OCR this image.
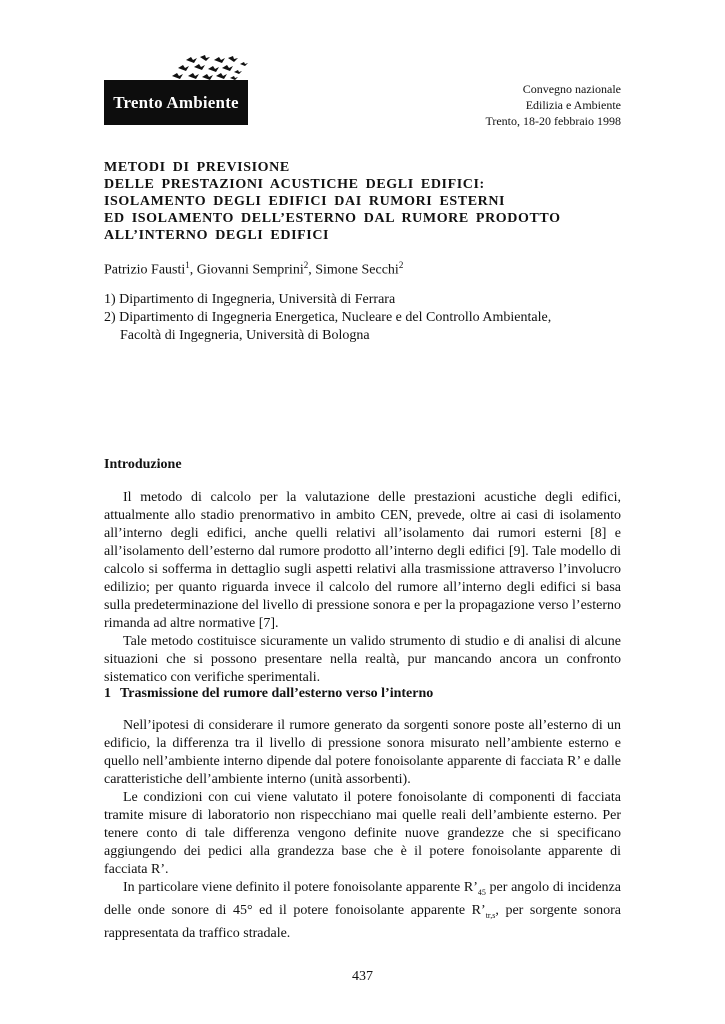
Trento Ambiente
Convegno nazionale
Edilizia e Ambiente
Trento, 18-20 febbraio 1998
METODI DI PREVISIONE
DELLE PRESTAZIONI ACUSTICHE DEGLI EDIFICI:
ISOLAMENTO DEGLI EDIFICI DAI RUMORI ESTERNI
ED ISOLAMENTO DELL’ESTERNO DAL RUMORE PRODOTTO
ALL’INTERNO DEGLI EDIFICI
Patrizio Fausti$^1$, Giovanni Semprini$^2$, Simone Secchi$^2$
1) Dipartimento di Ingegneria, Università di Ferrara
2) Dipartimento di Ingegneria Energetica, Nucleare e del Controllo Ambientale,
Facoltà di Ingegneria, Università di Bologna
Introduzione

Il metodo di calcolo per la valutazione delle prestazioni acustiche degli edifici, attualmente allo stadio prenormativo in ambito CEN, prevede, oltre ai casi di isolamento all’interno degli edifici, anche quelli relativi all’isolamento dai rumori esterni [8] e all’isolamento dell’esterno dal rumore prodotto all’interno degli edifici [9]. Tale modello di calcolo si sofferma in dettaglio sugli aspetti relativi alla trasmissione attraverso l’involucro edilizio; per quanto riguarda invece il calcolo del rumore all’interno degli edifici si basa sulla predeterminazione del livello di pressione sonora e per la propagazione verso l’esterno rimanda ad altre normative [7].

Tale metodo costituisce sicuramente un valido strumento di studio e di analisi di alcune situazioni che si possono presentare nella realtà, pur mancando ancora un confronto sistematico con verifiche sperimentali.

1 Trasmissione del rumore dall’esterno verso l’interno

Nell’ipotesi di considerare il rumore generato da sorgenti sonore poste all’esterno di un edificio, la differenza tra il livello di pressione sonora misurato nell’ambiente esterno e quello nell’ambiente interno dipende dal potere fonoisolante apparente di facciata R’ e dalle caratteristiche dell’ambiente interno (unità assorbenti).

Le condizioni con cui viene valutato il potere fonoisolante di componenti di facciata tramite misure di laboratorio non rispecchiano mai quelle reali dell’ambiente esterno. Per tenere conto di tale differenza vengono definite nuove grandezze che si specificano aggiungendo dei pedici alla grandezza base che è il potere fonoisolante apparente di facciata R’.

In particolare viene definito il potere fonoisolante apparente $R’_{45}$ per angolo di incidenza delle onde sonore di 45° ed il potere fonoisolante apparente $R’_{tr,s}$, per sorgente sonora rappresentata da traffico stradale.

437
